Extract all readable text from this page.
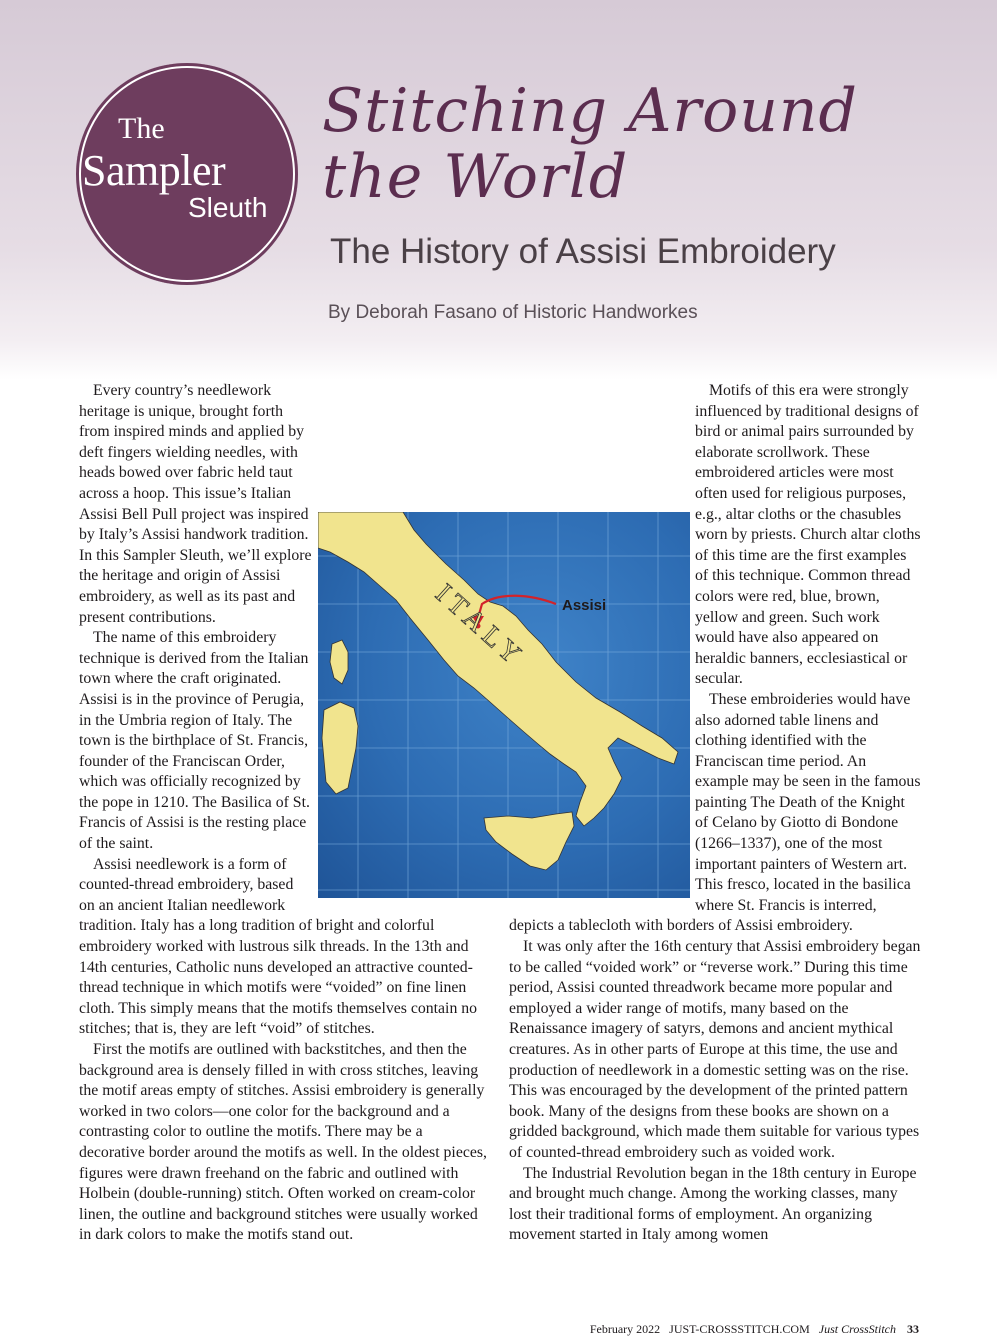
The
Sampler
Sleuth
Stitching Around
the World
The History of Assisi Embroidery
By Deborah Fasano of Historic Handworkes

Every country’s needlework heritage is unique, brought forth from inspired minds and applied by deft fingers wielding needles, with heads bowed over fabric held taut across a hoop. This issue’s Italian Assisi Bell Pull project was inspired by Italy’s Assisi handwork tradition. In this Sampler Sleuth, we’ll explore the heritage and origin of Assisi embroidery, as well as its past and present contributions.

The name of this embroidery technique is derived from the Italian town where the craft originated. Assisi is in the province of Perugia, in the Umbria region of Italy. The town is the birthplace of St. Francis, founder of the Franciscan Order, which was officially recognized by the pope in 1210. The Basilica of St. Francis of Assisi is the resting place of the saint.

Assisi needlework is a form of counted-thread embroidery, based on an ancient Italian needlework tradition. Italy has a long tradition of bright and colorful embroidery worked with lustrous silk threads. In the 13th and 14th centuries, Catholic nuns developed an attractive counted-thread technique in which motifs were “voided” on fine linen cloth. This simply means that the motifs themselves contain no stitches; that is, they are left “void” of stitches.

First the motifs are outlined with backstitches, and then the background area is densely filled in with cross stitches, leaving the motif areas empty of stitches. Assisi embroidery is generally worked in two colors—one color for the background and a contrasting color to outline the motifs. There may be a decorative border around the motifs as well. In the oldest pieces, figures were drawn freehand on the fabric and outlined with Holbein (double-running) stitch. Often worked on cream-color linen, the outline and background stitches were usually worked in dark colors to make the motifs stand out.

Motifs of this era were strongly influenced by traditional designs of bird or animal pairs surrounded by elaborate scrollwork. These embroidered articles were most often used for religious purposes, e.g., altar cloths or the chasubles worn by priests. Church altar cloths of this time are the first examples of this technique. Common thread colors were red, blue, brown, yellow and green. Such work would have also appeared on heraldic banners, ecclesiastical or secular.

These embroideries would have also adorned table linens and clothing identified with the Franciscan time period. An example may be seen in the famous painting The Death of the Knight of Celano by Giotto di Bondone (1266–1337), one of the most important painters of Western art. This fresco, located in the basilica where St. Francis is interred, depicts a tablecloth with borders of Assisi embroidery.

It was only after the 16th century that Assisi embroidery began to be called “voided work” or “reverse work.” During this time period, Assisi counted threadwork became more popular and employed a wider range of motifs, many based on the Renaissance imagery of satyrs, demons and ancient mythical creatures. As in other parts of Europe at this time, the use and production of needlework in a domestic setting was on the rise. This was encouraged by the development of the printed pattern book. Many of the designs from these books are shown on a gridded background, which made them suitable for various types of counted-thread embroidery such as voided work.

The Industrial Revolution began in the 18th century in Europe and brought much change. Among the working classes, many lost their traditional forms of employment. An organizing movement started in Italy among women

Assisi
ITALY
February 2022 JUST-CROSSSTITCH.COM Just CrossStitch 33
